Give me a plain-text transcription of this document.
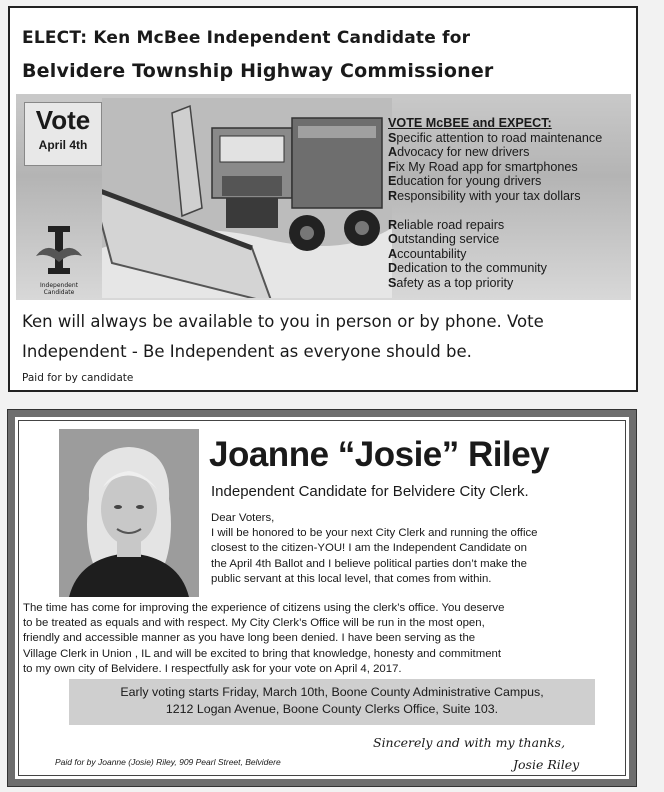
ELECT: Ken McBee Independent Candidate for
Belvidere Township Highway Commissioner
Vote
April 4th
Independent Candidate
VOTE McBEE and EXPECT:
Specific attention to road maintenance
Advocacy for new drivers
Fix My Road app for smartphones
Education for young drivers
Responsibility with your tax dollars
Reliable road repairs
Outstanding service
Accountability
Dedication to the community
Safety as a top priority
Ken will always be available to you in person or by phone. Vote
Independent - Be Independent as everyone should be.
Paid for by candidate
Joanne “Josie” Riley
Independent Candidate for Belvidere City Clerk.
Dear Voters,
I will be honored to be your next City Clerk and running the office
closest to the citizen-YOU! I am the Independent Candidate on
the April 4th Ballot and I believe political parties don’t make the
public servant at this local level, that comes from within.
The time has come for improving the experience of citizens using the clerk’s office. You deserve
to be treated as equals and with respect. My City Clerk’s Office will be run in the most open,
friendly and accessible manner as you have long been denied. I have been serving as the
Village Clerk in Union , IL and will be excited to bring that knowledge, honesty and commitment
to my own city of Belvidere. I respectfully ask for your vote on April 4, 2017.
Early voting starts Friday, March 10th, Boone County Administrative Campus,
1212 Logan Avenue, Boone County Clerks Office, Suite 103.
Paid for by Joanne (Josie) Riley, 909 Pearl Street, Belvidere
Sincerely and with my thanks,
Josie Riley
